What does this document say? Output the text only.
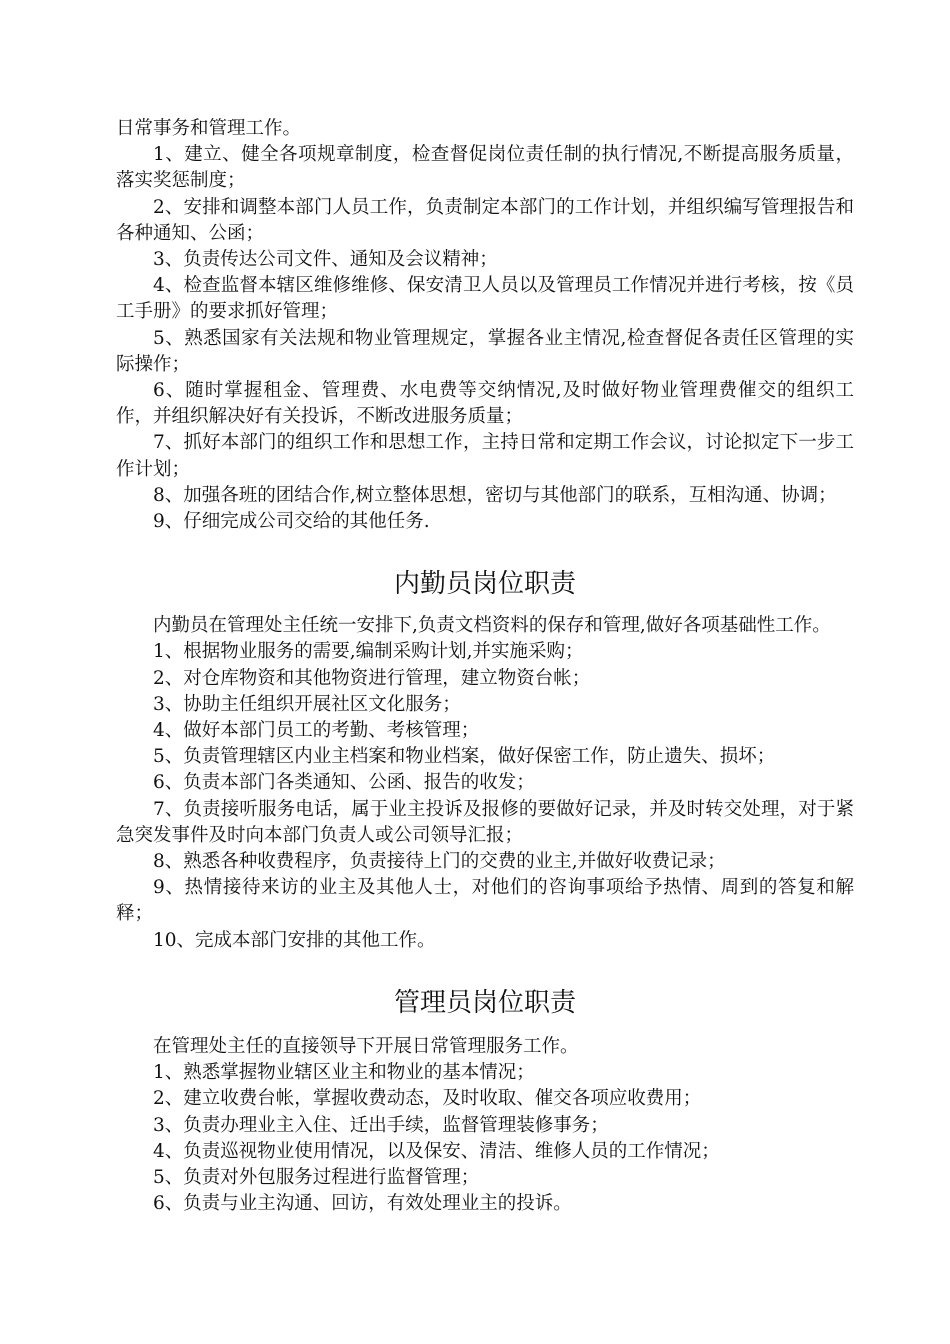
日常事务和管理工作。

1、建立、健全各项规章制度，检查督促岗位责任制的执行情况,不断提高服务质量，落实奖惩制度；

2、安排和调整本部门人员工作，负责制定本部门的工作计划，并组织编写管理报告和各种通知、公函；

3、负责传达公司文件、通知及会议精神；

4、检查监督本辖区维修维修、保安清卫人员以及管理员工作情况并进行考核，按《员工手册》的要求抓好管理；

5、熟悉国家有关法规和物业管理规定，掌握各业主情况,检查督促各责任区管理的实际操作；

6、随时掌握租金、管理费、水电费等交纳情况,及时做好物业管理费催交的组织工作，并组织解决好有关投诉，不断改进服务质量；

7、抓好本部门的组织工作和思想工作，主持日常和定期工作会议，讨论拟定下一步工作计划；

8、加强各班的团结合作,树立整体思想，密切与其他部门的联系，互相沟通、协调；

9、仔细完成公司交给的其他任务.

内勤员岗位职责

内勤员在管理处主任统一安排下,负责文档资料的保存和管理,做好各项基础性工作。

1、根据物业服务的需要,编制采购计划,并实施采购；

2、对仓库物资和其他物资进行管理，建立物资台帐；

3、协助主任组织开展社区文化服务；

4、做好本部门员工的考勤、考核管理；

5、负责管理辖区内业主档案和物业档案，做好保密工作，防止遗失、损坏；

6、负责本部门各类通知、公函、报告的收发；

7、负责接听服务电话，属于业主投诉及报修的要做好记录，并及时转交处理，对于紧急突发事件及时向本部门负责人或公司领导汇报；

8、熟悉各种收费程序，负责接待上门的交费的业主,并做好收费记录；

9、热情接待来访的业主及其他人士，对他们的咨询事项给予热情、周到的答复和解释；

10、完成本部门安排的其他工作。

管理员岗位职责

在管理处主任的直接领导下开展日常管理服务工作。

1、熟悉掌握物业辖区业主和物业的基本情况；

2、建立收费台帐，掌握收费动态，及时收取、催交各项应收费用；

3、负责办理业主入住、迁出手续，监督管理装修事务；

4、负责巡视物业使用情况，以及保安、清洁、维修人员的工作情况；

5、负责对外包服务过程进行监督管理；

6、负责与业主沟通、回访，有效处理业主的投诉。
